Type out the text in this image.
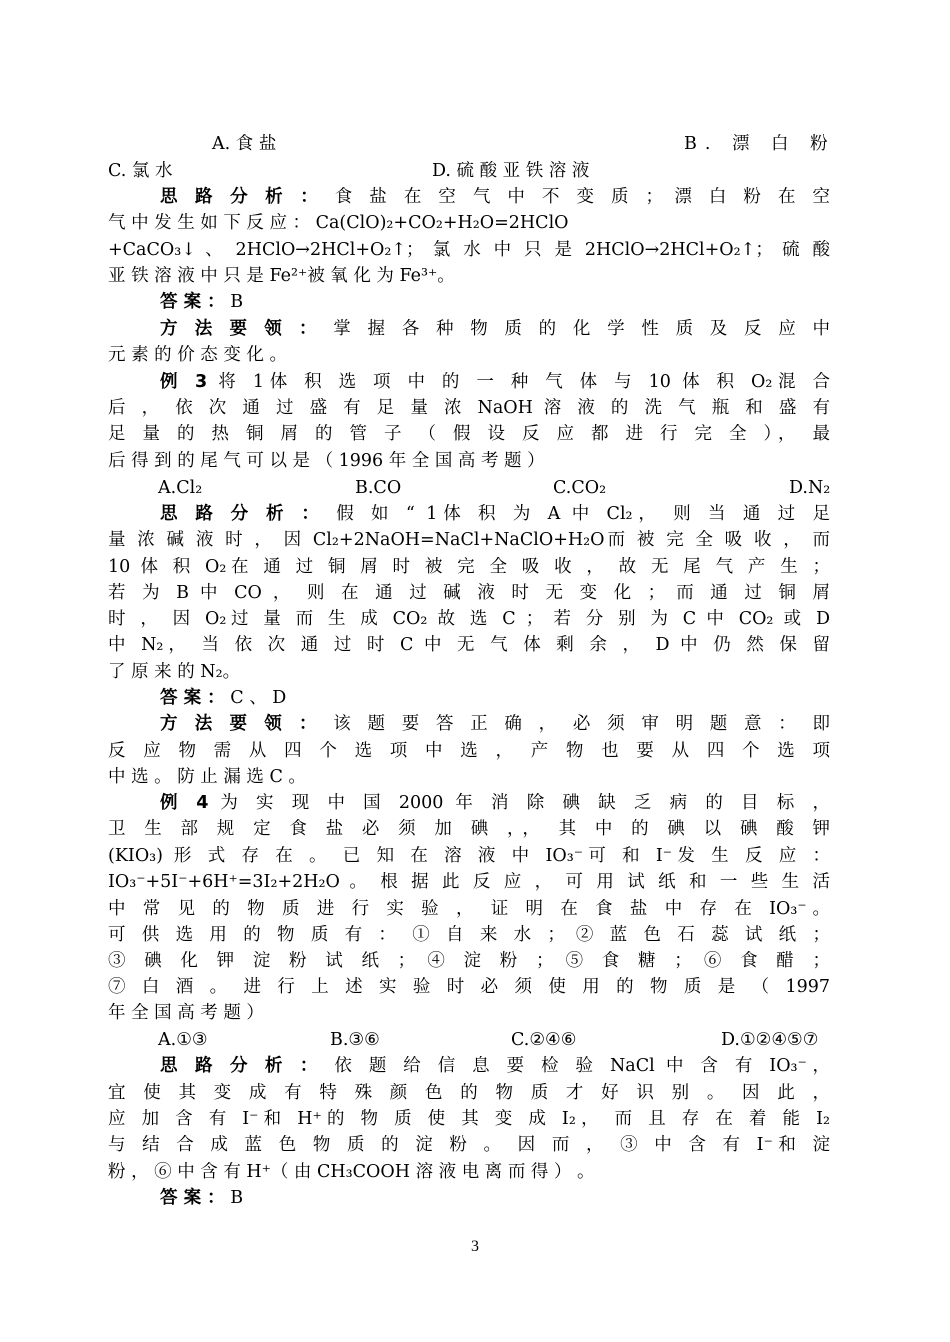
A. 食 盐	B. 漂 白 粉
C. 氯 水	D. 硫 酸 亚 铁 溶 液
思 路 分 析 ： 食 盐 在 空 气 中 不 变 质 ； 漂 白 粉 在 空
气 中 发 生 如 下 反 应 ： Ca(ClO)₂+CO₂+H₂O=2HClO
+CaCO₃↓ 、 2HClO→2HCl+O₂↑； 氯 水 中 只 是 2HClO→2HCl+O₂↑； 硫 酸
亚 铁 溶 液 中 只 是 Fe²⁺被 氧 化 为 Fe³⁺。
答 案 ： B
方 法 要 领 ： 掌 握 各 种 物 质 的 化 学 性 质 及 反 应 中
元 素 的 价 态 变 化 。
例 3 将 1体 积 选 项 中 的 一 种 气 体 与 10 体 积 O₂混 合
后 ， 依 次 通 过 盛 有 足 量 浓 NaOH 溶 液 的 洗 气 瓶 和 盛 有
足 量 的 热 铜 屑 的 管 子 （ 假 设 反 应 都 进 行 完 全 ）， 最
后 得 到 的 尾 气 可 以 是 （ 1996 年 全 国 高 考 题 ）
A.Cl₂	B.CO	C.CO₂	D.N₂
思 路 分 析 ： 假 如 “ 1体 积 为 A 中 Cl₂， 则 当 通 过 足
量 浓 碱 液 时 ， 因 Cl₂+2NaOH=NaCl+NaClO+H₂O而 被 完 全 吸 收 ， 而
10 体 积 O₂在 通 过 铜 屑 时 被 完 全 吸 收 ， 故 无 尾 气 产 生 ；
若 为 B 中 CO ， 则 在 通 过 碱 液 时 无 变 化 ； 而 通 过 铜 屑
时 ， 因 O₂过 量 而 生 成 CO₂ 故 选 C ； 若 分 别 为 C 中 CO₂ 或 D
中 N₂， 当 依 次 通 过 时 C 中 无 气 体 剩 余 ， D 中 仍 然 保 留
了 原 来 的 N₂。
答 案 ： C 、 D
方 法 要 领 ： 该 题 要 答 正 确 ， 必 须 审 明 题 意 ： 即
反 应 物 需 从 四 个 选 项 中 选 ， 产 物 也 要 从 四 个 选 项
中 选 。 防 止 漏 选 C 。
例 4 为 实 现 中 国 2000 年 消 除 碘 缺 乏 病 的 目 标 ，
卫 生 部 规 定 食 盐 必 须 加 碘 ，， 其 中 的 碘 以 碘 酸 钾
(KIO₃) 形 式 存 在 。 已 知 在 溶 液 中 IO₃⁻可 和 I⁻发 生 反 应 ：
IO₃⁻+5I⁻+6H⁺=3I₂+2H₂O 。 根 据 此 反 应 ， 可 用 试 纸 和 一 些 生 活
中 常 见 的 物 质 进 行 实 验 ， 证 明 在 食 盐 中 存 在 IO₃⁻。
可 供 选 用 的 物 质 有 ： ① 自 来 水 ； ② 蓝 色 石 蕊 试 纸 ；
③ 碘 化 钾 淀 粉 试 纸 ； ④ 淀 粉 ； ⑤ 食 糖 ； ⑥ 食 醋 ；
⑦ 白 酒 。 进 行 上 述 实 验 时 必 须 使 用 的 物 质 是 （ 1997
年 全 国 高 考 题 ）
A.①③	B.③⑥	C.②④⑥	D.①②④⑤⑦
思 路 分 析 ： 依 题 给 信 息 要 检 验 NaCl 中 含 有 IO₃⁻，
宜 使 其 变 成 有 特 殊 颜 色 的 物 质 才 好 识 别 。 因 此 ，
应 加 含 有 I⁻和 H⁺的 物 质 使 其 变 成 I₂， 而 且 存 在 着 能 I₂
与 结 合 成 蓝 色 物 质 的 淀 粉 。 因 而 ， ③ 中 含 有 I⁻和 淀
粉 ， ⑥ 中 含 有 H⁺（ 由 CH₃COOH 溶 液 电 离 而 得 ） 。
答 案 ： B
3
